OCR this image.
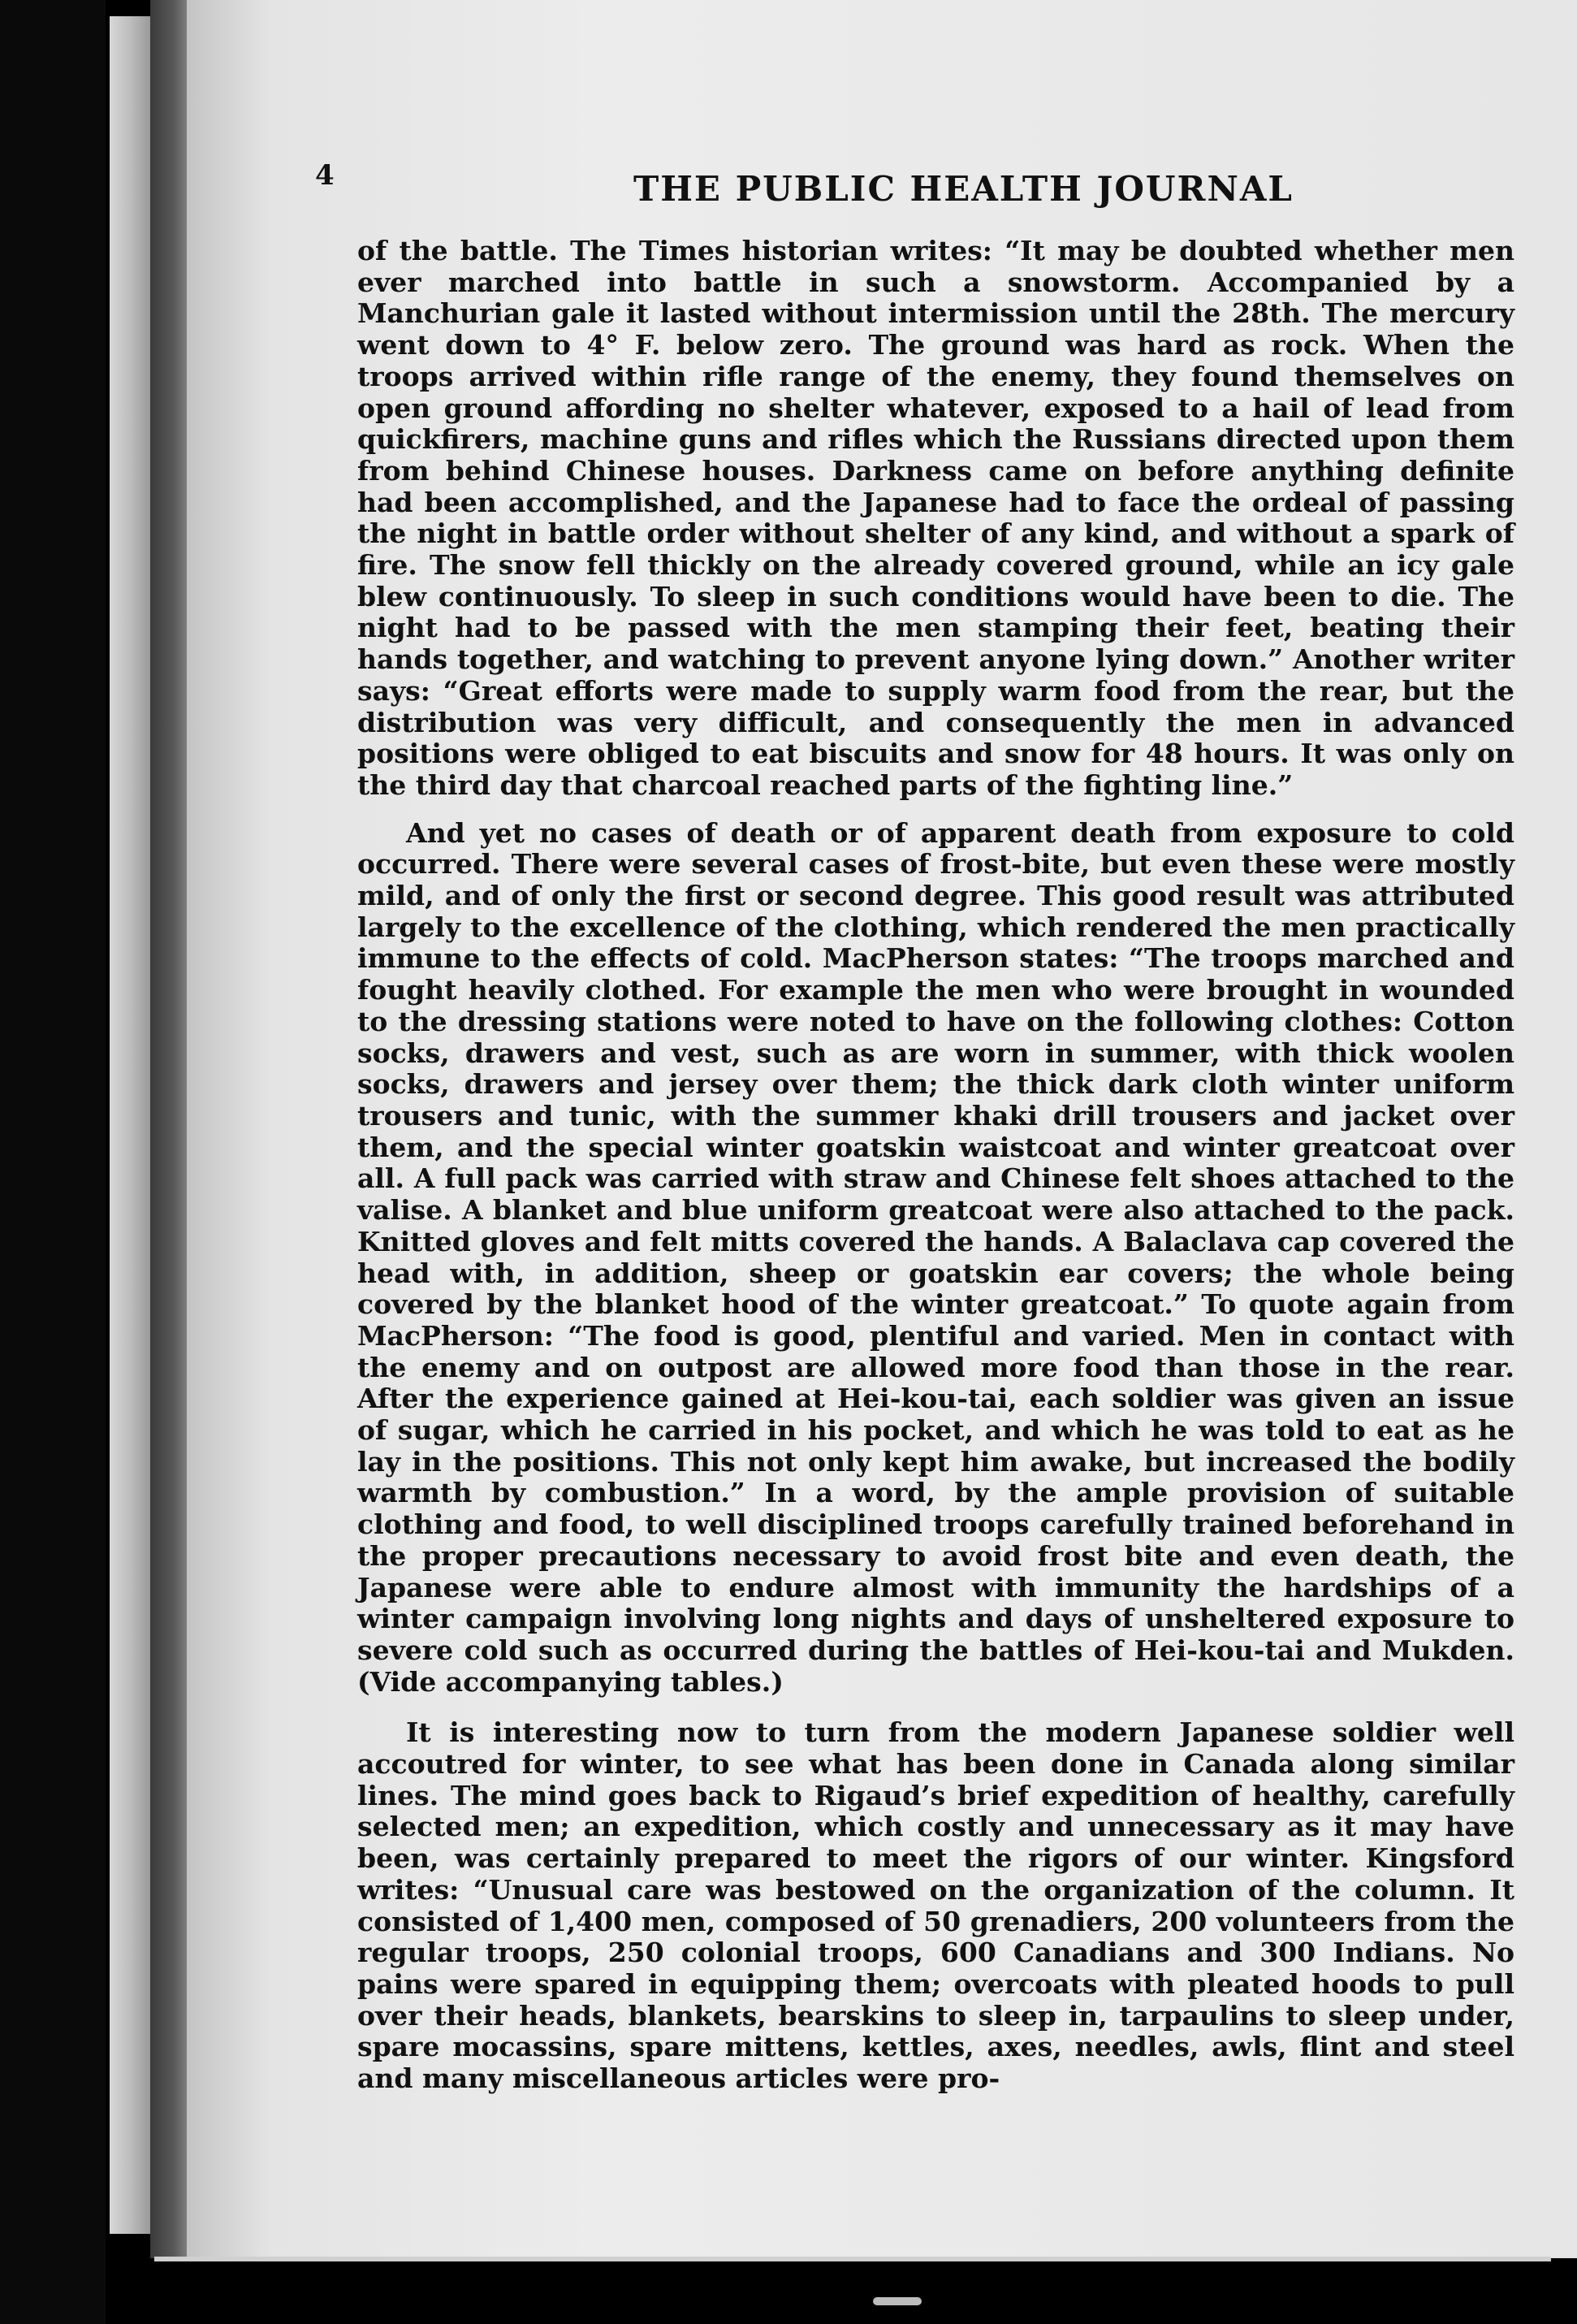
4	THE PUBLIC HEALTH JOURNAL

of the battle. The Times historian writes: “It may be doubted whether men ever marched into battle in such a snowstorm. Accompanied by a Manchurian gale it lasted without intermission until the 28th. The mercury went down to 4° F. below zero. The ground was hard as rock. When the troops arrived within rifle range of the enemy, they found themselves on open ground affording no shelter whatever, exposed to a hail of lead from quickfirers, machine guns and rifles which the Russians directed upon them from behind Chinese houses. Darkness came on before anything definite had been accomplished, and the Japanese had to face the ordeal of passing the night in battle order without shelter of any kind, and without a spark of fire. The snow fell thickly on the already covered ground, while an icy gale blew continuously. To sleep in such conditions would have been to die. The night had to be passed with the men stamping their feet, beating their hands together, and watching to prevent anyone lying down.” Another writer says: “Great efforts were made to supply warm food from the rear, but the distribution was very difficult, and consequently the men in advanced positions were obliged to eat biscuits and snow for 48 hours. It was only on the third day that charcoal reached parts of the fighting line.”

And yet no cases of death or of apparent death from exposure to cold occurred. There were several cases of frost-bite, but even these were mostly mild, and of only the first or second degree. This good result was attributed largely to the excellence of the clothing, which rendered the men practically immune to the effects of cold. MacPherson states: “The troops marched and fought heavily clothed. For example the men who were brought in wounded to the dressing stations were noted to have on the following clothes: Cotton socks, drawers and vest, such as are worn in summer, with thick woolen socks, drawers and jersey over them; the thick dark cloth winter uniform trousers and tunic, with the summer khaki drill trousers and jacket over them, and the special winter goatskin waistcoat and winter greatcoat over all. A full pack was carried with straw and Chinese felt shoes attached to the valise. A blanket and blue uniform greatcoat were also attached to the pack. Knitted gloves and felt mitts covered the hands. A Balaclava cap covered the head with, in addition, sheep or goatskin ear covers; the whole being covered by the blanket hood of the winter greatcoat.” To quote again from MacPherson: “The food is good, plentiful and varied. Men in contact with the enemy and on outpost are allowed more food than those in the rear. After the experience gained at Hei-kou-tai, each soldier was given an issue of sugar, which he carried in his pocket, and which he was told to eat as he lay in the positions. This not only kept him awake, but increased the bodily warmth by combustion.” In a word, by the ample provision of suitable clothing and food, to well disciplined troops carefully trained beforehand in the proper precautions necessary to avoid frost bite and even death, the Japanese were able to endure almost with immunity the hardships of a winter campaign involving long nights and days of unsheltered exposure to severe cold such as occurred during the battles of Hei-kou-tai and Mukden. (Vide accompanying tables.)

It is interesting now to turn from the modern Japanese soldier well accoutred for winter, to see what has been done in Canada along similar lines. The mind goes back to Rigaud’s brief expedition of healthy, carefully selected men; an expedition, which costly and unnecessary as it may have been, was certainly prepared to meet the rigors of our winter. Kingsford writes: “Unusual care was bestowed on the organization of the column. It consisted of 1,400 men, composed of 50 grenadiers, 200 volunteers from the regular troops, 250 colonial troops, 600 Canadians and 300 Indians. No pains were spared in equipping them; overcoats with pleated hoods to pull over their heads, blankets, bearskins to sleep in, tarpaulins to sleep under, spare mocassins, spare mittens, kettles, axes, needles, awls, flint and steel and many miscellaneous articles were pro-
